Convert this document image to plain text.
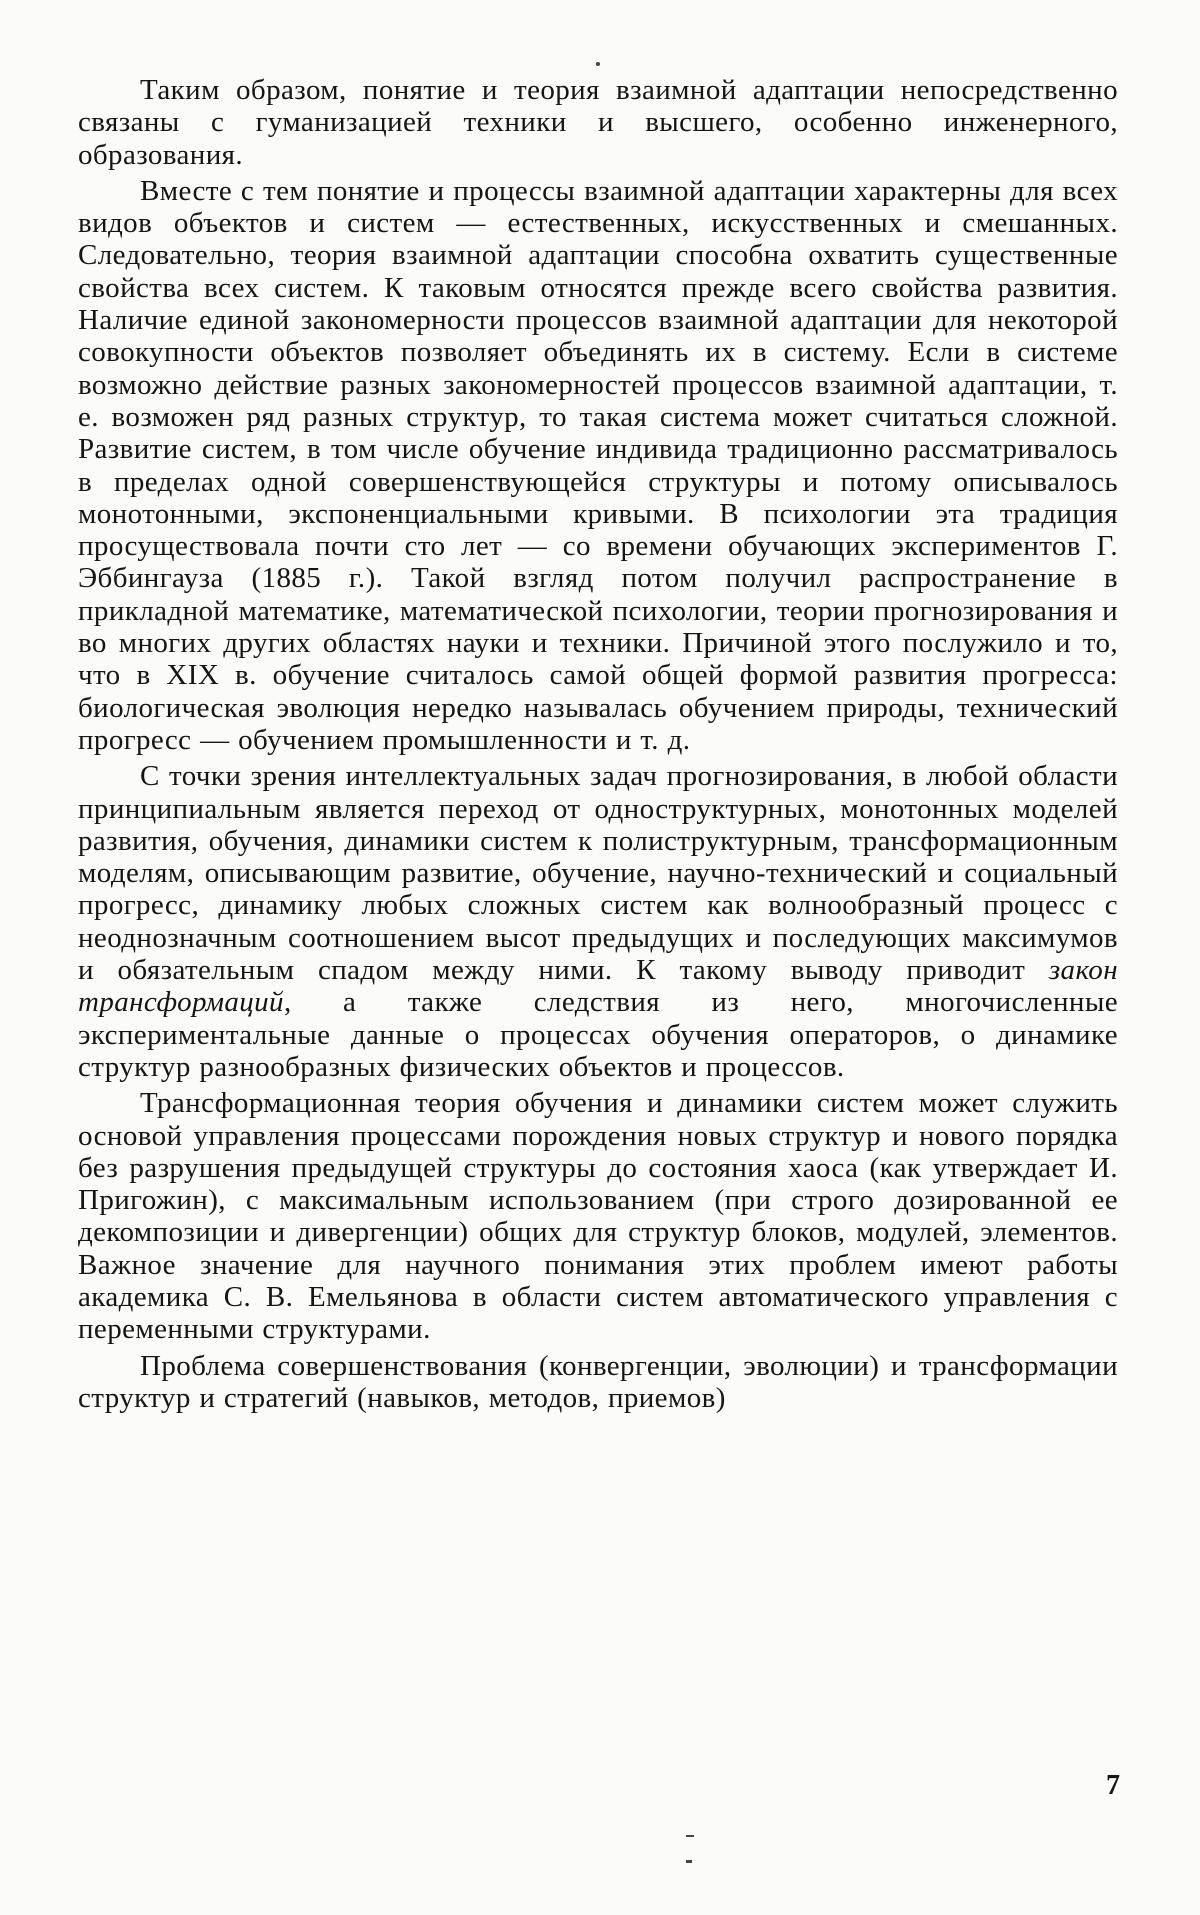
Таким образом, понятие и теория взаимной адаптации непосредственно связаны с гуманизацией техники и высшего, особенно инженерного, образования.

Вместе с тем понятие и процессы взаимной адаптации характерны для всех видов объектов и систем — естественных, искусственных и смешанных. Следовательно, теория взаимной адаптации способна охватить существенные свойства всех систем. К таковым относятся прежде всего свойства развития. Наличие единой закономерности процессов взаимной адаптации для некоторой совокупности объектов позволяет объединять их в систему. Если в системе возможно действие разных закономерностей процессов взаимной адаптации, т. е. возможен ряд разных структур, то такая система может считаться сложной. Развитие систем, в том числе обучение индивида традиционно рассматривалось в пределах одной совершенствующейся структуры и потому описывалось монотонными, экспоненциальными кривыми. В психологии эта традиция просуществовала почти сто лет — со времени обучающих экспериментов Г. Эббингауза (1885 г.). Такой взгляд потом получил распространение в прикладной математике, математической психологии, теории прогнозирования и во многих других областях науки и техники. Причиной этого послужило и то, что в XIX в. обучение считалось самой общей формой развития прогресса: биологическая эволюция нередко называлась обучением природы, технический прогресс — обучением промышленности и т. д.

С точки зрения интеллектуальных задач прогнозирования, в любой области принципиальным является переход от одноструктурных, монотонных моделей развития, обучения, динамики систем к полиструктурным, трансформационным моделям, описывающим развитие, обучение, научно-технический и социальный прогресс, динамику любых сложных систем как волнообразный процесс с неоднозначным соотношением высот предыдущих и последующих максимумов и обязательным спадом между ними. К такому выводу приводит закон трансформаций, а также следствия из него, многочисленные экспериментальные данные о процессах обучения операторов, о динамике структур разнообразных физических объектов и процессов.

Трансформационная теория обучения и динамики систем может служить основой управления процессами порождения новых структур и нового порядка без разрушения предыдущей структуры до состояния хаоса (как утверждает И. Пригожин), с максимальным использованием (при строго дозированной ее декомпозиции и дивергенции) общих для структур блоков, модулей, элементов. Важное значение для научного понимания этих проблем имеют работы академика С. В. Емельянова в области систем автоматического управления с переменными структурами.

Проблема совершенствования (конвергенции, эволюции) и трансформации структур и стратегий (навыков, методов, приемов)

7
